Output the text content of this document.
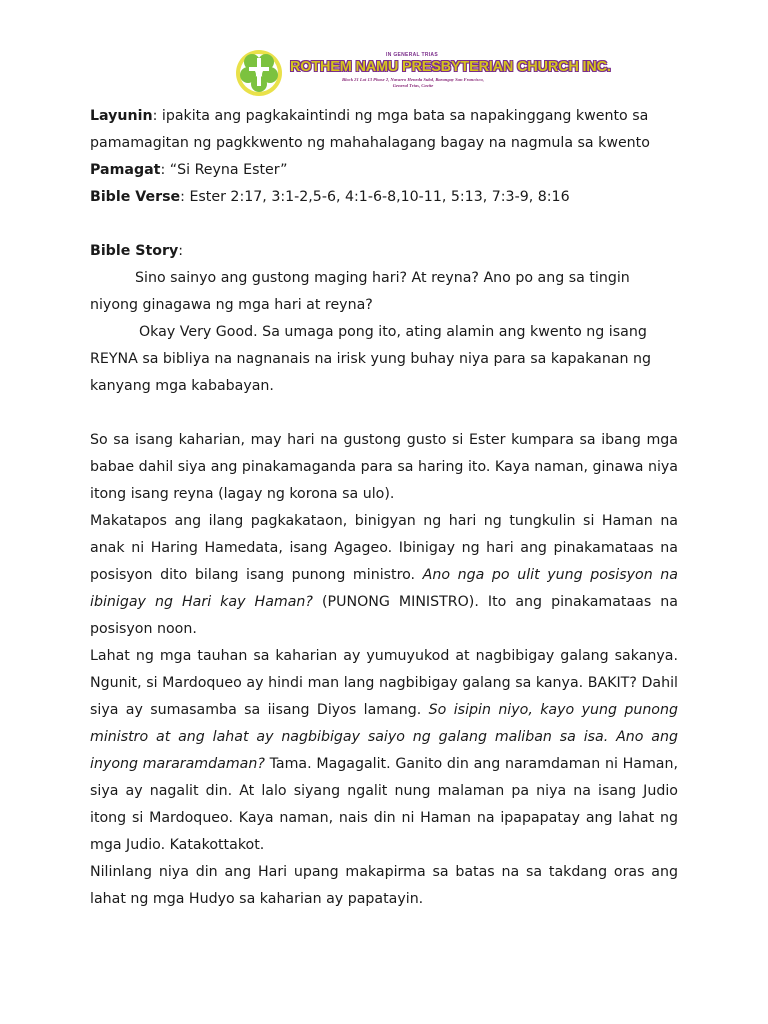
IN GENERAL TRIAS
ROTHEM NAMU PRESBYTERIAN CHURCH INC.
Block 21 Lot 13 Phase 2, Navarro Heneda Subd, Barangay San Francisco,
General Trias, Cavite

Layunin: ipakita ang pagkakaintindi ng mga bata sa napakinggang kwento sa pamamagitan ng pagkkwento ng mahahalagang bagay na nagmula sa kwento

Pamagat: “Si Reyna Ester”

Bible Verse: Ester 2:17, 3:1-2,5-6, 4:1-6-8,10-11, 5:13, 7:3-9, 8:16

Bible Story:

Sino sainyo ang gustong maging hari? At reyna? Ano po ang sa tingin niyong ginagawa ng mga hari at reyna?

Okay Very Good. Sa umaga pong ito, ating alamin ang kwento ng isang REYNA sa bibliya na nagnanais na irisk yung buhay niya para sa kapakanan ng kanyang mga kababayan.

So sa isang kaharian, may hari na gustong gusto si Ester kumpara sa ibang mga babae dahil siya ang pinakamaganda para sa haring ito. Kaya naman, ginawa niya itong isang reyna (lagay ng korona sa ulo).

Makatapos ang ilang pagkakataon, binigyan ng hari ng tungkulin si Haman na anak ni Haring Hamedata, isang Agageo. Ibinigay ng hari ang pinakamataas na posisyon dito bilang isang punong ministro. Ano nga po ulit yung posisyon na ibinigay ng Hari kay Haman? (PUNONG MINISTRO). Ito ang pinakamataas na posisyon noon.

Lahat ng mga tauhan sa kaharian ay yumuyukod at nagbibigay galang sakanya. Ngunit, si Mardoqueo ay hindi man lang nagbibigay galang sa kanya. BAKIT? Dahil siya ay sumasamba sa iisang Diyos lamang. So isipin niyo, kayo yung punong ministro at ang lahat ay nagbibigay saiyo ng galang maliban sa isa. Ano ang inyong mararamdaman? Tama. Magagalit. Ganito din ang naramdaman ni Haman, siya ay nagalit din. At lalo siyang ngalit nung malaman pa niya na isang Judio itong si Mardoqueo. Kaya naman, nais din ni Haman na ipapapatay ang lahat ng mga Judio. Katakottakot.

Nilinlang niya din ang Hari upang makapirma sa batas na sa takdang oras ang lahat ng mga Hudyo sa kaharian ay papatayin.
